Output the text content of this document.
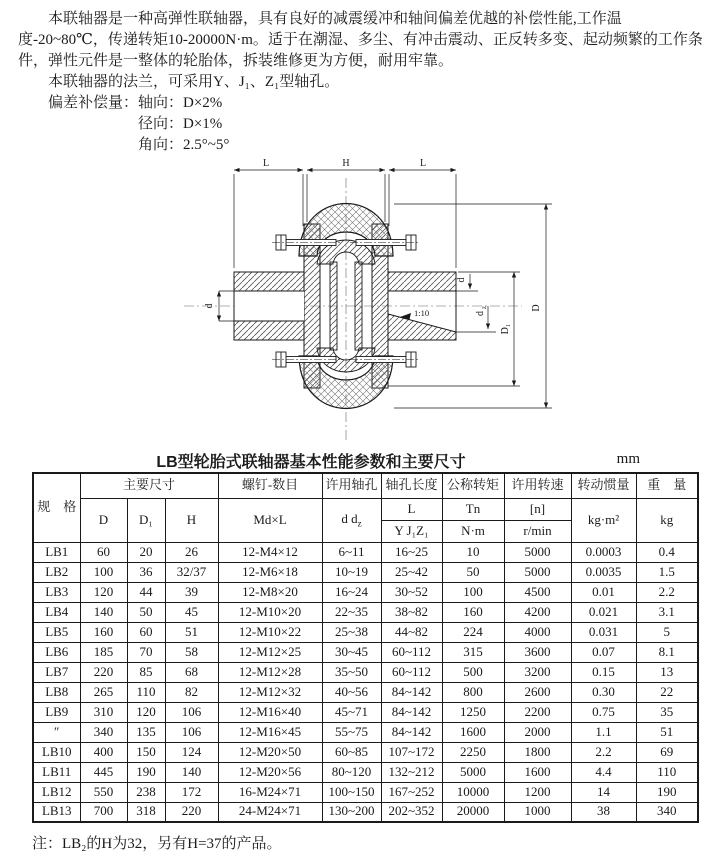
本联轴器是一种高弹性联轴器，具有良好的减震缓冲和轴间偏差优越的补偿性能,工作温度-20~80℃，传递转矩10-20000N·m。适于在潮湿、多尘、有冲击震动、正反转多变、起动频繁的工作条件，弹性元件是一整体的轮胎体，拆装维修更为方便，耐用牢靠。

本联轴器的法兰，可采用Y、J₁、Z₁型轴孔。

偏差补偿量： 轴向：D×2%
径向：D×1%
角向：2.5°~5°
L	H	L
D
D₁
d
d
d
z
1:10
LB型轮胎式联轴器基本性能参数和主要尺寸	mm
规　格	主要尺寸			螺钉-数目	许用轴孔	轴孔长度	公称转矩	许用转速	转动惯量	重　量
	D	D₁	H	Md×L	d $d_z$	L	Tn	[n]	kg·m²	kg
						Y J₁Z₁	N·m	r/min		
LB1	60	20	26	12-M4×12	6~11	16~25	10	5000	0.0003	0.4
LB2	100	36	32/37	12-M6×18	10~19	25~42	50	5000	0.0035	1.5
LB3	120	44	39	12-M8×20	16~24	30~52	100	4500	0.01	2.2
LB4	140	50	45	12-M10×20	22~35	38~82	160	4200	0.021	3.1
LB5	160	60	51	12-M10×22	25~38	44~82	224	4000	0.031	5
LB6	185	70	58	12-M12×25	30~45	60~112	315	3600	0.07	8.1
LB7	220	85	68	12-M12×28	35~50	60~112	500	3200	0.15	13
LB8	265	110	82	12-M12×32	40~56	84~142	800	2600	0.30	22
LB9	310	120	106	12-M16×40	45~71	84~142	1250	2200	0.75	35
″	340	135	106	12-M16×45	55~75	84~142	1600	2000	1.1	51
LB10	400	150	124	12-M20×50	60~85	107~172	2250	1800	2.2	69
LB11	445	190	140	12-M20×56	80~120	132~212	5000	1600	4.4	110
LB12	550	238	172	16-M24×71	100~150	167~252	10000	1200	14	190
LB13	700	318	220	24-M24×71	130~200	202~352	20000	1000	38	340

注：LB₂的H为32，另有H=37的产品。
